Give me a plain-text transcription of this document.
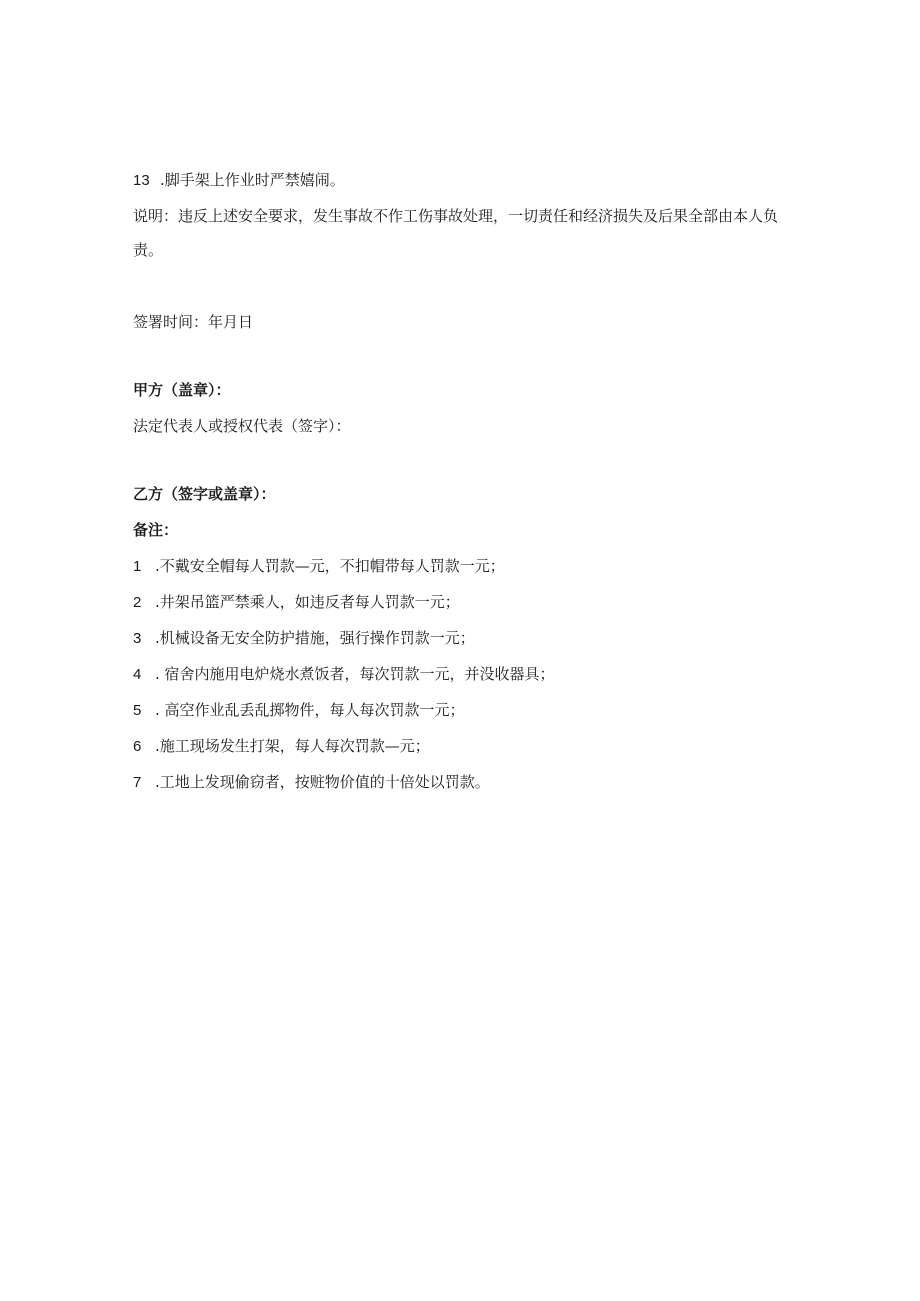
13 .脚手架上作业时严禁嬉闹。
说明：违反上述安全要求，发生事故不作工伤事故处理，一切责任和经济损失及后果全部由本人负责。
签署时间：年月日
甲方（盖章）：
法定代表人或授权代表（签字）：
乙方（签字或盖章）：
备注：
1 .不戴安全帽每人罚款—元，不扣帽带每人罚款一元；
2 .井架吊篮严禁乘人，如违反者每人罚款一元；
3 .机械设备无安全防护措施，强行操作罚款一元；
4 . 宿舍内施用电炉烧水煮饭者，每次罚款一元，并没收器具；
5 . 高空作业乱丢乱掷物件，每人每次罚款一元；
6 .施工现场发生打架，每人每次罚款—元；
7 .工地上发现偷窃者，按赃物价值的十倍处以罚款。
